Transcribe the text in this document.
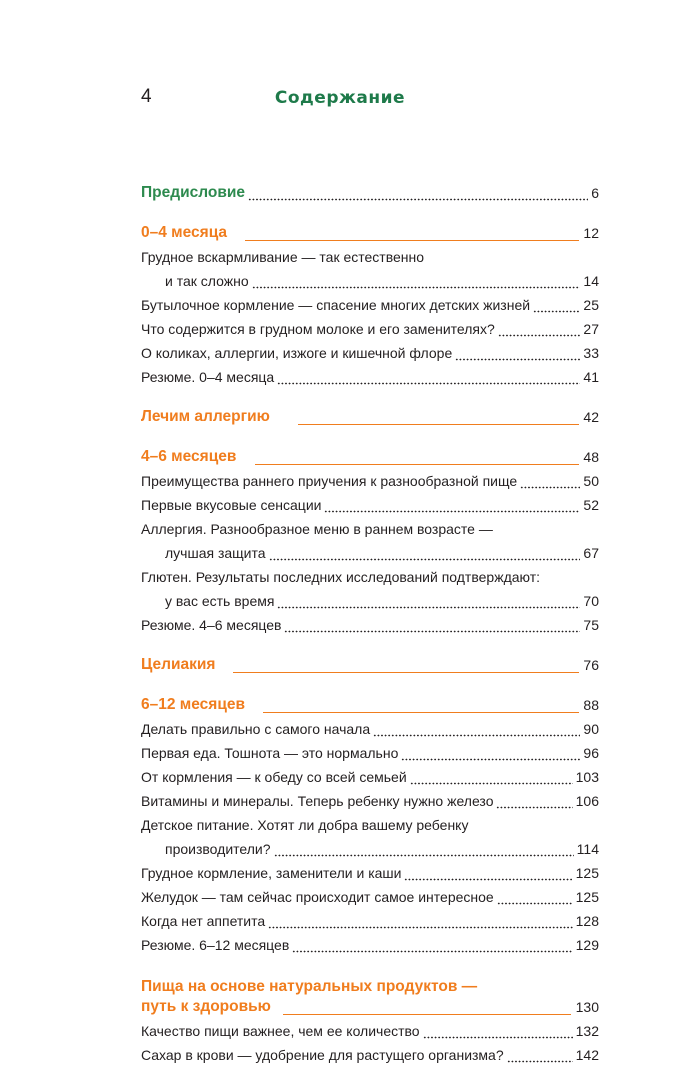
4	Содержание
Предисловие	6
0–4 месяца	12
Грудное вскармливание — так естественно
и так сложно	14
Бутылочное кормление — спасение многих детских жизней	25
Что содержится в грудном молоке и его заменителях?	27
О коликах, аллергии, изжоге и кишечной флоре	33
Резюме. 0–4 месяца	41
Лечим аллергию	42
4–6 месяцев	48
Преимущества раннего приучения к разнообразной пище	50
Первые вкусовые сенсации	52
Аллергия. Разнообразное меню в раннем возрасте —
лучшая защита	67
Глютен. Результаты последних исследований подтверждают:
у вас есть время	70
Резюме. 4–6 месяцев	75
Целиакия	76
6–12 месяцев	88
Делать правильно с самого начала	90
Первая еда. Тошнота — это нормально	96
От кормления — к обеду со всей семьей	103
Витамины и минералы. Теперь ребенку нужно железо	106
Детское питание. Хотят ли добра вашему ребенку
производители?	114
Грудное кормление, заменители и каши	125
Желудок — там сейчас происходит самое интересное	125
Когда нет аппетита	128
Резюме. 6–12 месяцев	129
Пища на основе натуральных продуктов —
путь к здоровью	130
Качество пищи важнее, чем ее количество	132
Сахар в крови — удобрение для растущего организма?	142
